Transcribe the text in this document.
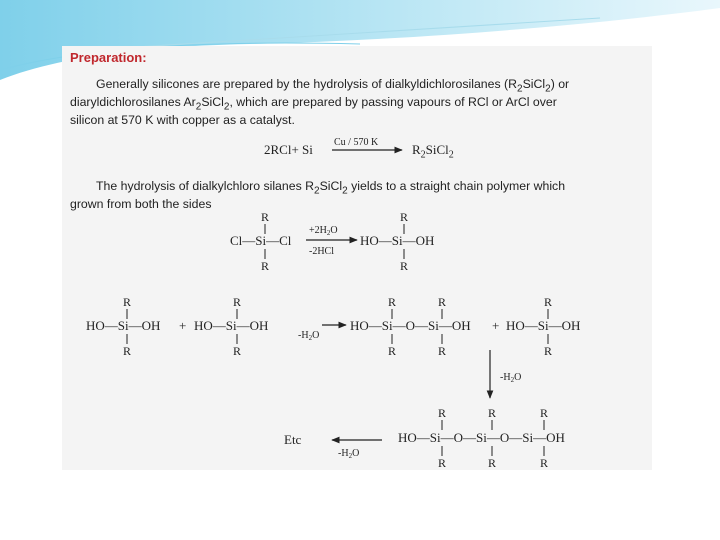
Preparation:
Generally silicones are prepared by the hydrolysis of dialkyldichlorosilanes $(R_2SiCl_2)$ or
diaryldichlorosilanes $Ar_2SiCl_2$, which are prepared by passing vapours of RCl or ArCl over
silicon at 570 K with copper as a catalyst.
2RCl+ Si Cu / 570 K	$R_2SiCl_2$
The hydrolysis of dialkylchloro silanes $R_2SiCl_2$ yields to a straight chain polymer which
grown from both the sides
R
Cl—Si—Cl
R
$+2H_2O$
-2HCl
R
HO—Si—OH
R
R
HO—Si—OH
R
+
R
HO—Si—OH
R
$-H_2O$
R	R
HO—Si—O—Si—OH
R	R
+
R
HO—Si—OH
R
$-H_2O$
R	R	R
HO—Si—O—Si—O—Si—OH
R	R	R
$-H_2O$
Etc
